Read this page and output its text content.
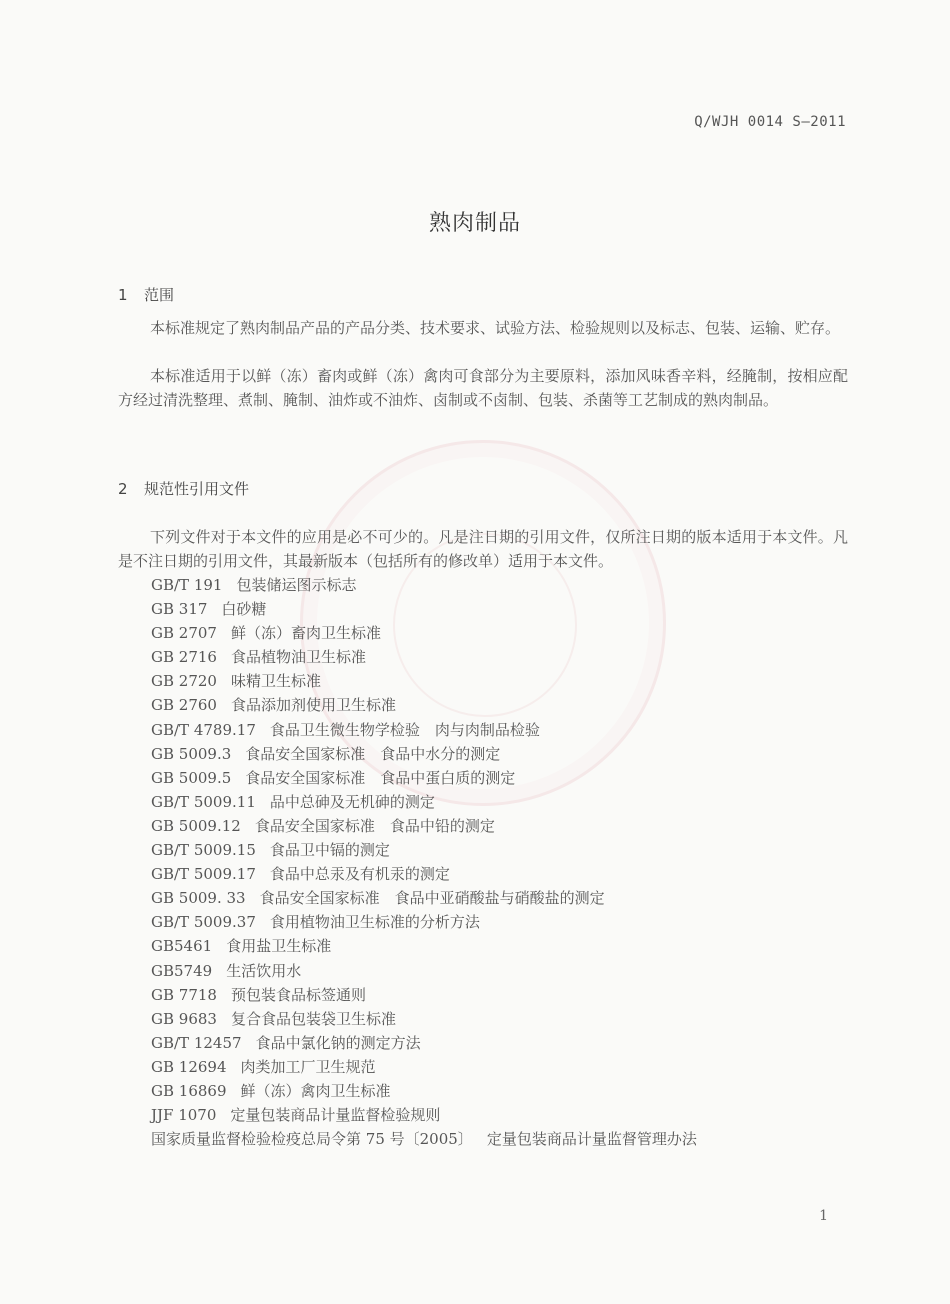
Q/WJH 0014 S—2011
熟肉制品
1 范围

本标准规定了熟肉制品产品的产品分类、技术要求、试验方法、检验规则以及标志、包装、运输、贮存。

本标准适用于以鲜（冻）畜肉或鲜（冻）禽肉可食部分为主要原料，添加风味香辛料，经腌制，按相应配方经过清洗整理、煮制、腌制、油炸或不油炸、卤制或不卤制、包装、杀菌等工艺制成的熟肉制品。

2 规范性引用文件

下列文件对于本文件的应用是必不可少的。凡是注日期的引用文件，仅所注日期的版本适用于本文件。凡是不注日期的引用文件，其最新版本（包括所有的修改单）适用于本文件。

GB/T 191 包装储运图示标志
GB 317 白砂糖
GB 2707 鲜（冻）畜肉卫生标准
GB 2716 食品植物油卫生标准
GB 2720 味精卫生标准
GB 2760 食品添加剂使用卫生标准
GB/T 4789.17 食品卫生微生物学检验　肉与肉制品检验
GB 5009.3 食品安全国家标准　食品中水分的测定
GB 5009.5 食品安全国家标准　食品中蛋白质的测定
GB/T 5009.11 品中总砷及无机砷的测定
GB 5009.12 食品安全国家标准　食品中铅的测定
GB/T 5009.15 食品卫中镉的测定
GB/T 5009.17 食品中总汞及有机汞的测定
GB 5009. 33 食品安全国家标准　食品中亚硝酸盐与硝酸盐的测定
GB/T 5009.37 食用植物油卫生标准的分析方法
GB5461 食用盐卫生标准
GB5749 生活饮用水
GB 7718 预包装食品标签通则
GB 9683 复合食品包装袋卫生标准
GB/T 12457 食品中氯化钠的测定方法
GB 12694 肉类加工厂卫生规范
GB 16869 鲜（冻）禽肉卫生标准
JJF 1070 定量包装商品计量监督检验规则
国家质量监督检验检疫总局令第 75 号〔2005〕 定量包装商品计量监督管理办法
1
